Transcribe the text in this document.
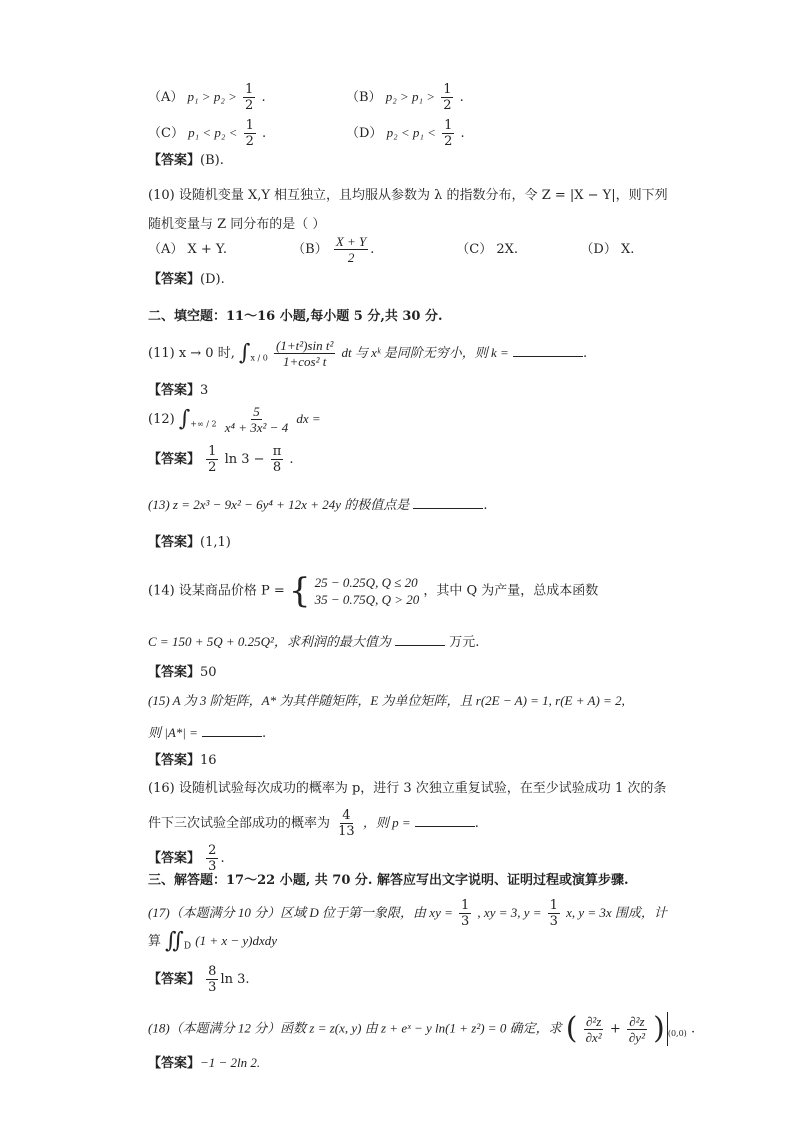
（A） $p_1 > p_2 > \frac{1}{2}$ .	（B） $p_2 > p_1 > \frac{1}{2}$ .
（C） $p_1 < p_2 < \frac{1}{2}$ .	（D） $p_2 < p_1 < \frac{1}{2}$ .
【答案】(B).
(10) 设随机变量 X,Y 相互独立，且均服从参数为 λ 的指数分布，令 Z = |X − Y|，则下列
随机变量与 Z 同分布的是（ ）
（A） X + Y.	$(B) \frac{X + Y}{2}$ .	（C） 2X.	（D） X.
【答案】(D).
二、填空题：11～16 小题,每小题 5 分,共 30 分.
(11) x → 0 时, $\int_{x / 0} \frac{\text{(1+t²)sin t²}}{\text{1+cos² t}}$ dt 与 xᵏ 是同阶无穷小，则 k =	.
【答案】3
(12) $\int_{+\infty / 2} \frac{5}{\text{x⁴ + 3x² − 4}}$ dx =
【答案】 $\frac{1}{2}$ $\ln 3 - \frac{\pi}{8}$ .
(13) z = 2x³ − 9x² − 6y⁴ + 12x + 24y 的极值点是	.
【答案】(1,1)
(14) 设某商品价格 P = { 25 − 0.25Q, Q ≤ 20
35 − 0.75Q, Q > 20
，其中 Q 为产量，总成本函数
C = 150 + 5Q + 0.25Q²，求利润的最大值为	万元.
【答案】50
(15) A 为 3 阶矩阵，A* 为其伴随矩阵，E 为单位矩阵，且 r(2E − A) = 1, r(E + A) = 2,
则 |A*| =	.
【答案】16
(16) 设随机试验每次成功的概率为 p，进行 3 次独立重复试验，在至少试验成功 1 次的条
件下三次试验全部成功的概率为 $\frac{4}{13}$ ，则 p =	.
【答案】 $\frac{2}{3}$ .
三、解答题：17～22 小题, 共 70 分. 解答应写出文字说明、证明过程或演算步骤.
(17)（本题满分 10 分）区域 D 位于第一象限，由 xy = $\frac{1}{3}$ , xy = 3, $y = \frac{1}{3} x$, y = 3x 围成，计
算 $∬_D$ (1 + x − y)dxdy
【答案】 $\frac{8}{3}$ ln 3.
(18)（本题满分 12 分）函数 z = z(x, y) 由 z + eˣ − y ln(1 + z²) = 0 确定，求 ( $\frac{\text{∂²z}}{\text{∂x²}} + \frac{\text{∂²z}}{\text{∂y²}}$ ) $_{(0,0)}$ .
【答案】−1 − 2ln 2.
